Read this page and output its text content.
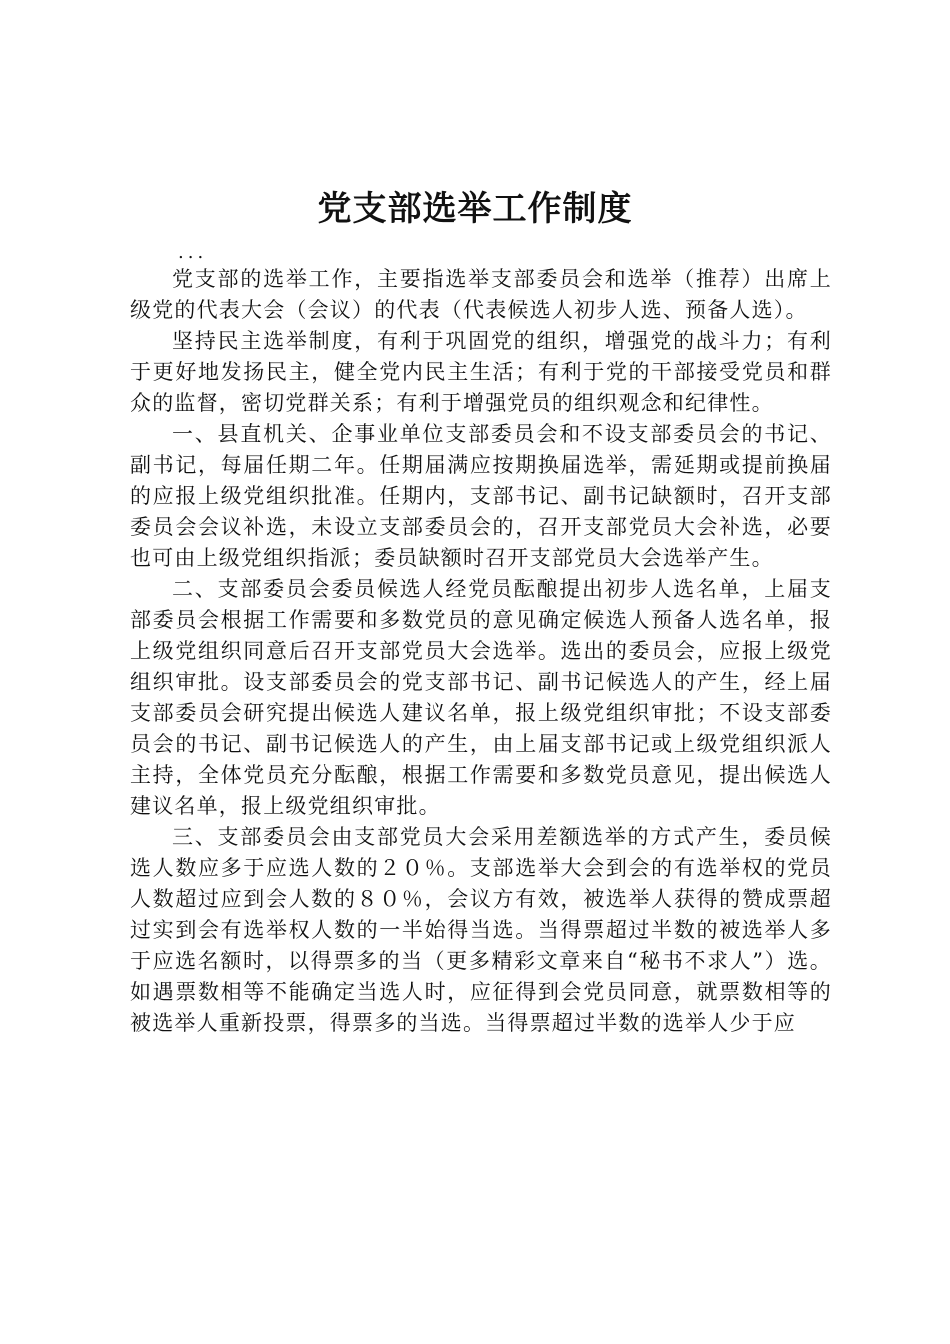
党支部选举工作制度

...

党支部的选举工作，主要指选举支部委员会和选举（推荐）出席上级党的代表大会（会议）的代表（代表候选人初步人选、预备人选）。

坚持民主选举制度，有利于巩固党的组织，增强党的战斗力；有利于更好地发扬民主，健全党内民主生活；有利于党的干部接受党员和群众的监督，密切党群关系；有利于增强党员的组织观念和纪律性。

一、县直机关、企事业单位支部委员会和不设支部委员会的书记、副书记，每届任期二年。任期届满应按期换届选举，需延期或提前换届的应报上级党组织批准。任期内，支部书记、副书记缺额时，召开支部委员会会议补选，未设立支部委员会的，召开支部党员大会补选，必要也可由上级党组织指派；委员缺额时召开支部党员大会选举产生。

二、支部委员会委员候选人经党员酝酿提出初步人选名单，上届支部委员会根据工作需要和多数党员的意见确定候选人预备人选名单，报上级党组织同意后召开支部党员大会选举。选出的委员会，应报上级党组织审批。设支部委员会的党支部书记、副书记候选人的产生，经上届支部委员会研究提出候选人建议名单，报上级党组织审批；不设支部委员会的书记、副书记候选人的产生，由上届支部书记或上级党组织派人主持，全体党员充分酝酿，根据工作需要和多数党员意见，提出候选人建议名单，报上级党组织审批。

三、支部委员会由支部党员大会采用差额选举的方式产生，委员候选人数应多于应选人数的２０％。支部选举大会到会的有选举权的党员人数超过应到会人数的８０％，会议方有效，被选举人获得的赞成票超过实到会有选举权人数的一半始得当选。当得票超过半数的被选举人多于应选名额时，以得票多的当（更多精彩文章来自“秘书不求人”）选。如遇票数相等不能确定当选人时，应征得到会党员同意，就票数相等的被选举人重新投票，得票多的当选。当得票超过半数的选举人少于应
